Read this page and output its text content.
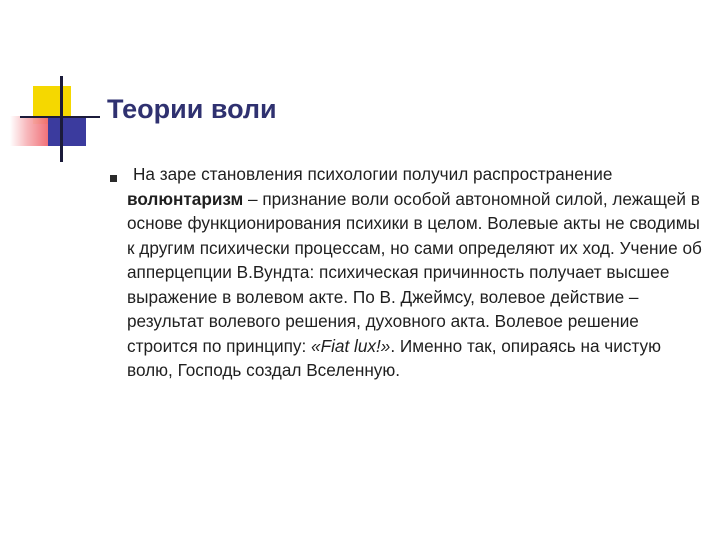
Теории воли

На заре становления психологии получил распространение волюнтаризм – признание воли особой автономной силой, лежащей в основе функционирования психики в целом. Волевые акты не сводимы к другим психически процессам, но сами определяют их ход. Учение об апперцепции В.Вундта: психическая причинность получает высшее выражение в волевом акте. По В. Джеймсу, волевое действие – результат волевого решения, духовного акта. Волевое решение строится по принципу: «Fiat lux!». Именно так, опираясь на чистую волю, Господь создал Вселенную.
